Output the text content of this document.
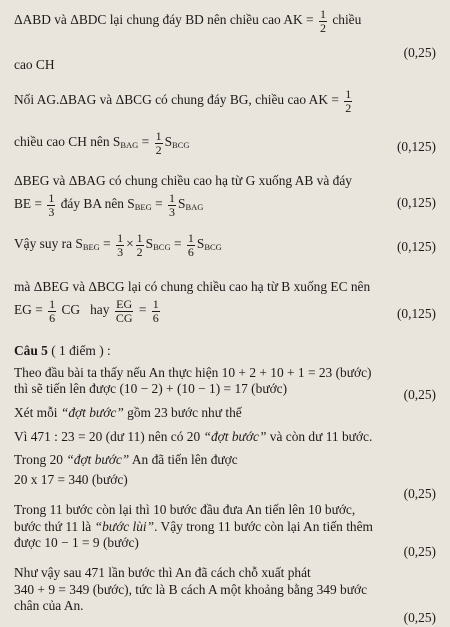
ΔABD và ΔBDC lại chung đáy BD nên chiều cao AK = $\frac{1}{2}$ chiều
cao CH
(0,25)
Nối AG.ΔBAG và ΔBCG có chung đáy BG, chiều cao AK = $\frac{1}{2}$
chiều cao CH nên $S_{BAG} = \frac{1}{2} S_{BCG}$	(0,125)
ΔBEG và ΔBAG có chung chiều cao hạ từ G xuống AB và đáy
BE = $\frac{1}{3}$ đáy BA nên $S_{BEG} = \frac{1}{3} S_{BAG}$	(0,125)
Vậy suy ra $S_{BEG} = \frac{1}{3} \times \frac{1}{2} S_{BCG} = \frac{1}{6} S_{BCG}$	(0,125)
mà ΔBEG và ΔBCG lại có chung chiều cao hạ từ B xuống EC nên
EG = $\frac{1}{6}$ CG   hay $\frac{EG}{CG} = \frac{1}{6}$	(0,125)
Câu 5 ( 1 điểm ) :
Theo đầu bài ta thấy nếu An thực hiện 10 + 2 + 10 + 1 = 23 (bước)
thì sẽ tiến lên được (10 − 2) + (10 − 1) = 17 (bước)	(0,25)
Xét mỗi “đợt bước” gồm 23 bước như thế
Vì 471 : 23 = 20 (dư 11) nên có 20 “đợt bước” và còn dư 11 bước.
Trong 20 “đợt bước” An đã tiến lên được
20 x 17 = 340 (bước)
(0,25)
Trong 11 bước còn lại thì 10 bước đầu đưa An tiến lên 10 bước,
bước thứ 11 là “bước lùi”. Vậy trong 11 bước còn lại An tiến thêm
được 10 − 1 = 9 (bước)
(0,25)
Như vậy sau 471 lần bước thì An đã cách chỗ xuất phát
340 + 9 = 349 (bước), tức là B cách A một khoảng bằng 349 bước
chân của An.
(0,25)
